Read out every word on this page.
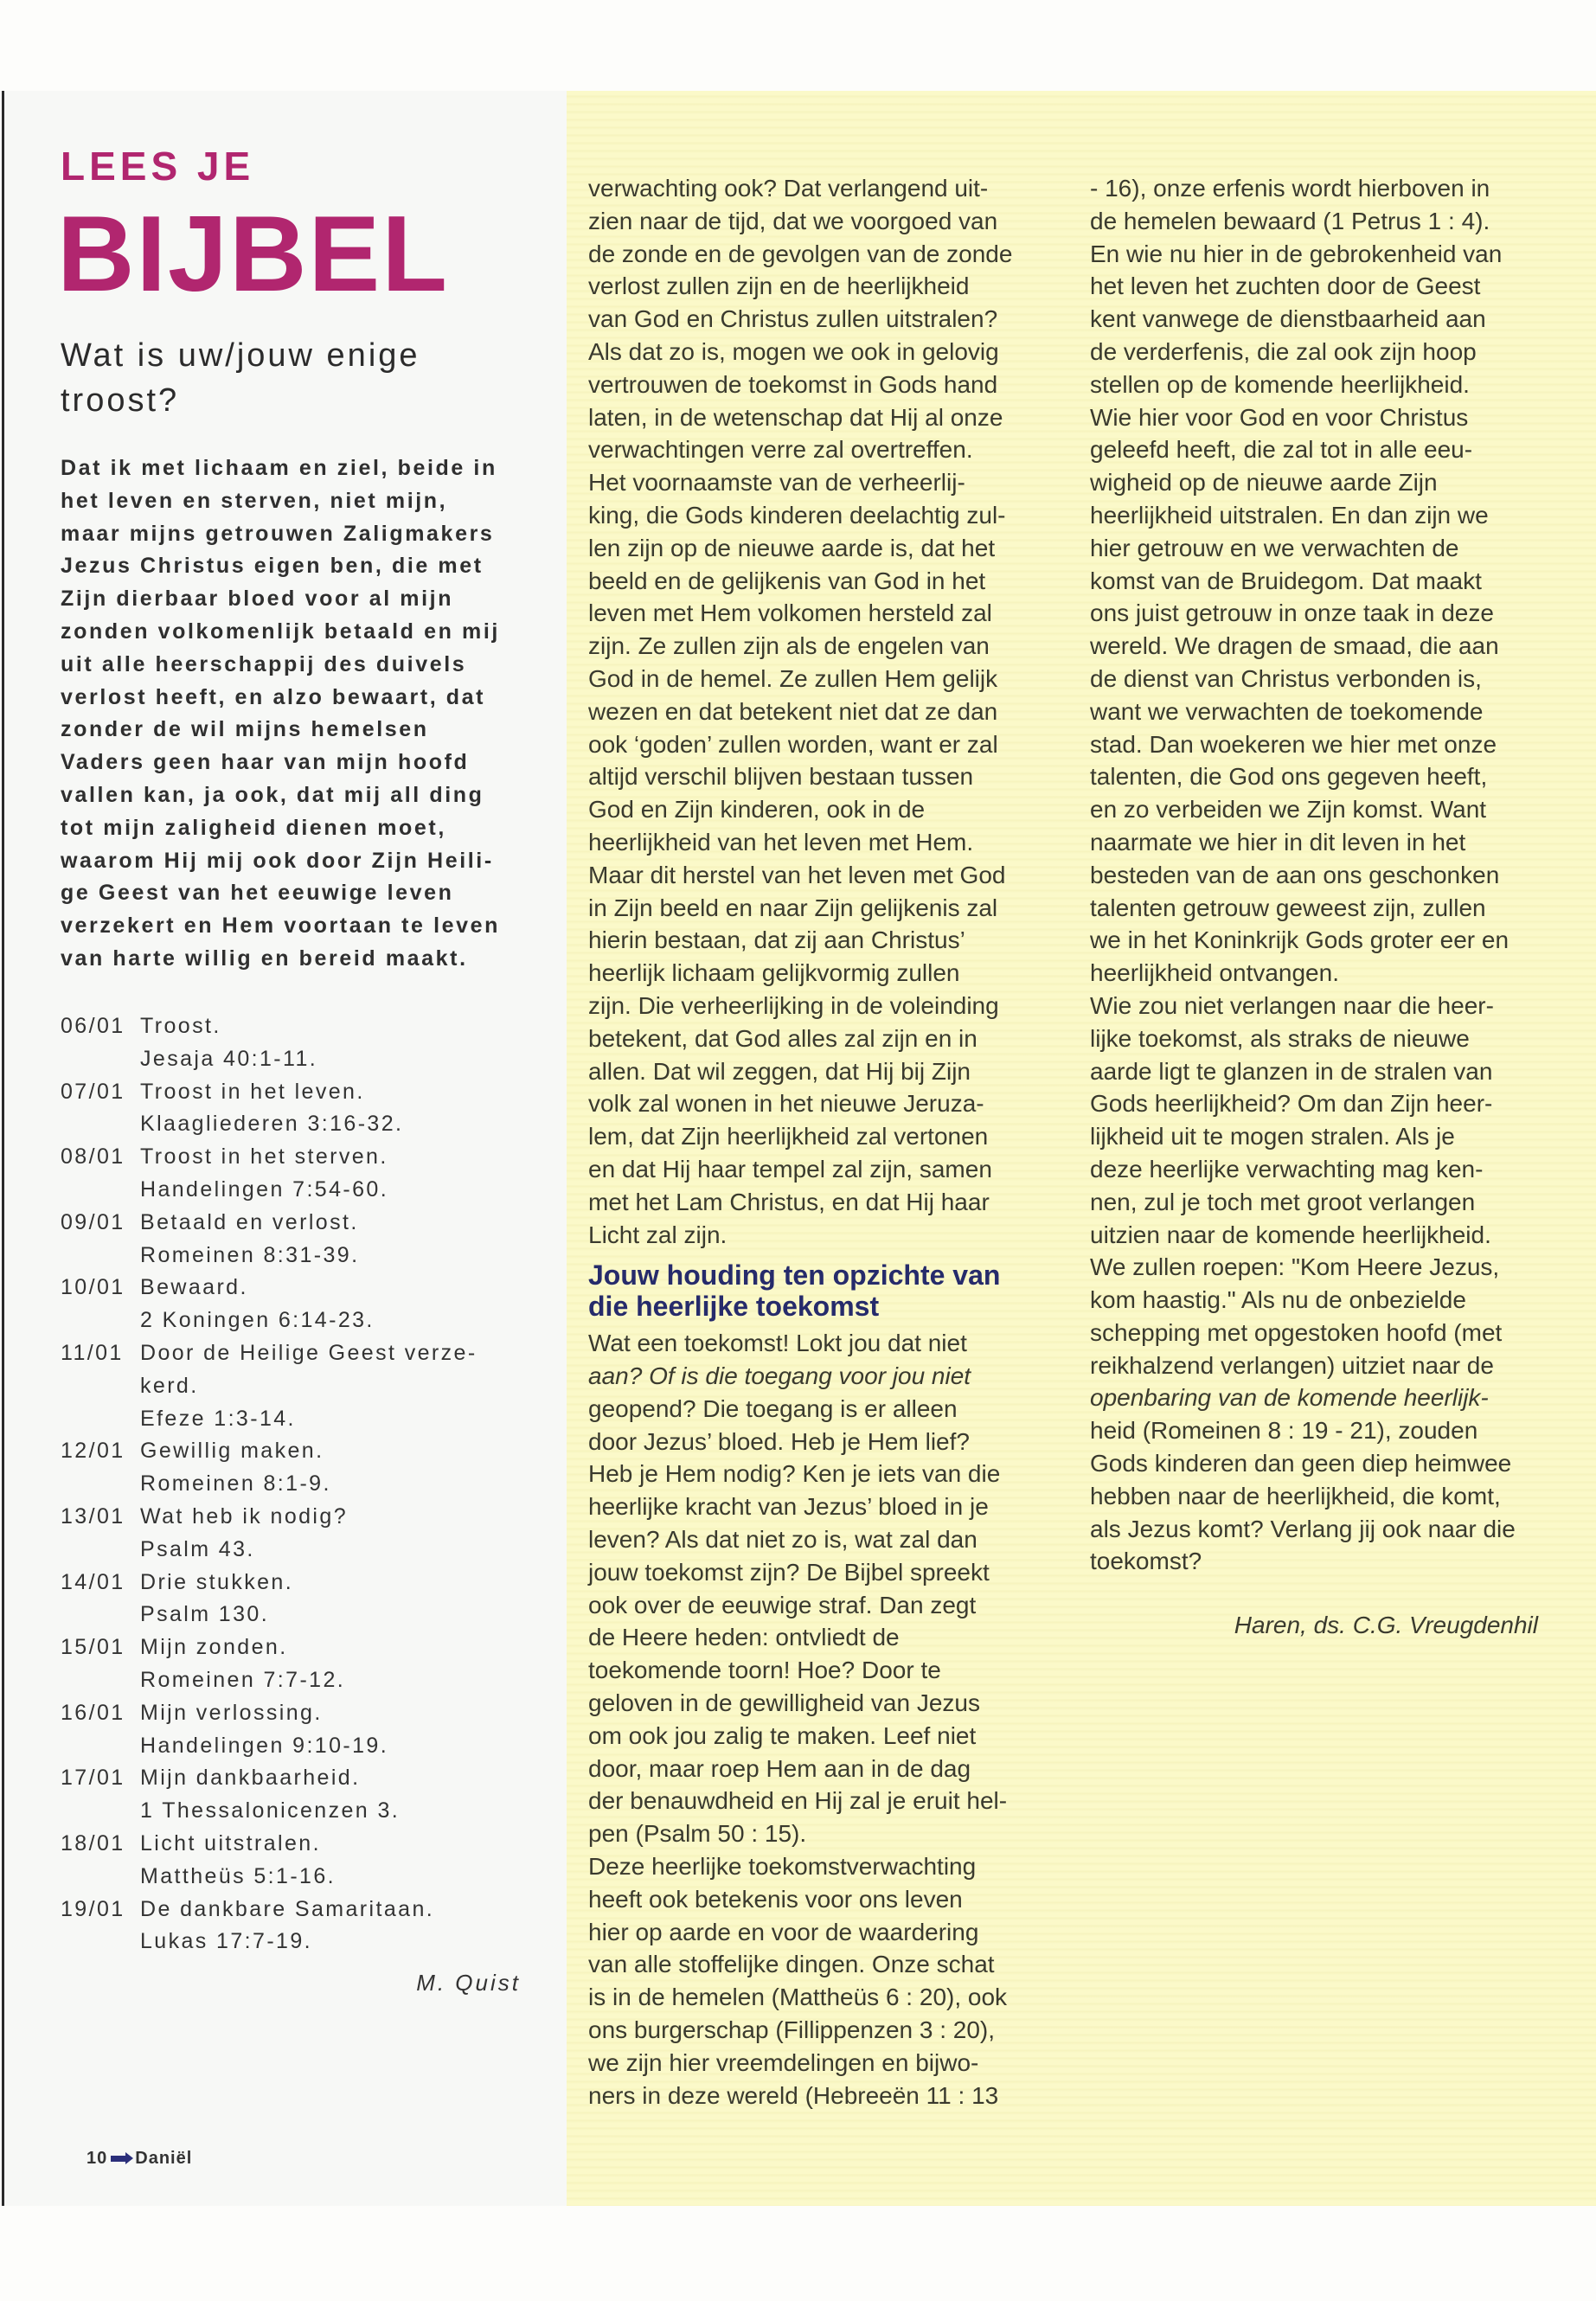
LEES JE
BIJBEL
Wat is uw/jouw enige troost?
Dat ik met lichaam en ziel, beide in
het leven en sterven, niet mijn,
maar mijns getrouwen Zaligmakers
Jezus Christus eigen ben, die met
Zijn dierbaar bloed voor al mijn
zonden volkomenlijk betaald en mij
uit alle heerschappij des duivels
verlost heeft, en alzo bewaart, dat
zonder de wil mijns hemelsen
Vaders geen haar van mijn hoofd
vallen kan, ja ook, dat mij all ding
tot mijn zaligheid dienen moet,
waarom Hij mij ook door Zijn Heili-
ge Geest van het eeuwige leven
verzekert en Hem voortaan te leven
van harte willig en bereid maakt.
06/01 Troost.
Jesaja 40:1-11.
07/01 Troost in het leven.
Klaagliederen 3:16-32.
08/01 Troost in het sterven.
Handelingen 7:54-60.
09/01 Betaald en verlost.
Romeinen 8:31-39.
10/01 Bewaard.
2 Koningen 6:14-23.
11/01 Door de Heilige Geest verze-
kerd.
Efeze 1:3-14.
12/01 Gewillig maken.
Romeinen 8:1-9.
13/01 Wat heb ik nodig?
Psalm 43.
14/01 Drie stukken.
Psalm 130.
15/01 Mijn zonden.
Romeinen 7:7-12.
16/01 Mijn verlossing.
Handelingen 9:10-19.
17/01 Mijn dankbaarheid.
1 Thessalonicenzen 3.
18/01 Licht uitstralen.
Mattheüs 5:1-16.
19/01 De dankbare Samaritaan.
Lukas 17:7-19.
M. Quist
10 Daniël
verwachting ook? Dat verlangend uit-
zien naar de tijd, dat we voorgoed van
de zonde en de gevolgen van de zonde
verlost zullen zijn en de heerlijkheid
van God en Christus zullen uitstralen?
Als dat zo is, mogen we ook in gelovig
vertrouwen de toekomst in Gods hand
laten, in de wetenschap dat Hij al onze
verwachtingen verre zal overtreffen.
Het voornaamste van de verheerlij-
king, die Gods kinderen deelachtig zul-
len zijn op de nieuwe aarde is, dat het
beeld en de gelijkenis van God in het
leven met Hem volkomen hersteld zal
zijn. Ze zullen zijn als de engelen van
God in de hemel. Ze zullen Hem gelijk
wezen en dat betekent niet dat ze dan
ook ‘goden’ zullen worden, want er zal
altijd verschil blijven bestaan tussen
God en Zijn kinderen, ook in de
heerlijkheid van het leven met Hem.
Maar dit herstel van het leven met God
in Zijn beeld en naar Zijn gelijkenis zal
hierin bestaan, dat zij aan Christus’
heerlijk lichaam gelijkvormig zullen
zijn. Die verheerlijking in de voleinding
betekent, dat God alles zal zijn en in
allen. Dat wil zeggen, dat Hij bij Zijn
volk zal wonen in het nieuwe Jeruza-
lem, dat Zijn heerlijkheid zal vertonen
en dat Hij haar tempel zal zijn, samen
met het Lam Christus, en dat Hij haar
Licht zal zijn.
Jouw houding ten opzichte van
die heerlijke toekomst
Wat een toekomst! Lokt jou dat niet
aan? Of is die toegang voor jou niet
geopend? Die toegang is er alleen
door Jezus’ bloed. Heb je Hem lief?
Heb je Hem nodig? Ken je iets van die
heerlijke kracht van Jezus’ bloed in je
leven? Als dat niet zo is, wat zal dan
jouw toekomst zijn? De Bijbel spreekt
ook over de eeuwige straf. Dan zegt
de Heere heden: ontvliedt de
toekomende toorn! Hoe? Door te
geloven in de gewilligheid van Jezus
om ook jou zalig te maken. Leef niet
door, maar roep Hem aan in de dag
der benauwdheid en Hij zal je eruit hel-
pen (Psalm 50 : 15).
Deze heerlijke toekomstverwachting
heeft ook betekenis voor ons leven
hier op aarde en voor de waardering
van alle stoffelijke dingen. Onze schat
is in de hemelen (Mattheüs 6 : 20), ook
ons burgerschap (Fillippenzen 3 : 20),
we zijn hier vreemdelingen en bijwo-
ners in deze wereld (Hebreeën 11 : 13
- 16), onze erfenis wordt hierboven in
de hemelen bewaard (1 Petrus 1 : 4).
En wie nu hier in de gebrokenheid van
het leven het zuchten door de Geest
kent vanwege de dienstbaarheid aan
de verderfenis, die zal ook zijn hoop
stellen op de komende heerlijkheid.
Wie hier voor God en voor Christus
geleefd heeft, die zal tot in alle eeu-
wigheid op de nieuwe aarde Zijn
heerlijkheid uitstralen. En dan zijn we
hier getrouw en we verwachten de
komst van de Bruidegom. Dat maakt
ons juist getrouw in onze taak in deze
wereld. We dragen de smaad, die aan
de dienst van Christus verbonden is,
want we verwachten de toekomende
stad. Dan woekeren we hier met onze
talenten, die God ons gegeven heeft,
en zo verbeiden we Zijn komst. Want
naarmate we hier in dit leven in het
besteden van de aan ons geschonken
talenten getrouw geweest zijn, zullen
we in het Koninkrijk Gods groter eer en
heerlijkheid ontvangen.
Wie zou niet verlangen naar die heer-
lijke toekomst, als straks de nieuwe
aarde ligt te glanzen in de stralen van
Gods heerlijkheid? Om dan Zijn heer-
lijkheid uit te mogen stralen. Als je
deze heerlijke verwachting mag ken-
nen, zul je toch met groot verlangen
uitzien naar de komende heerlijkheid.
We zullen roepen: "Kom Heere Jezus,
kom haastig." Als nu de onbezielde
schepping met opgestoken hoofd (met
reikhalzend verlangen) uitziet naar de
openbaring van de komende heerlijk-
heid (Romeinen 8 : 19 - 21), zouden
Gods kinderen dan geen diep heimwee
hebben naar de heerlijkheid, die komt,
als Jezus komt? Verlang jij ook naar die
toekomst?
Haren, ds. C.G. Vreugdenhil
